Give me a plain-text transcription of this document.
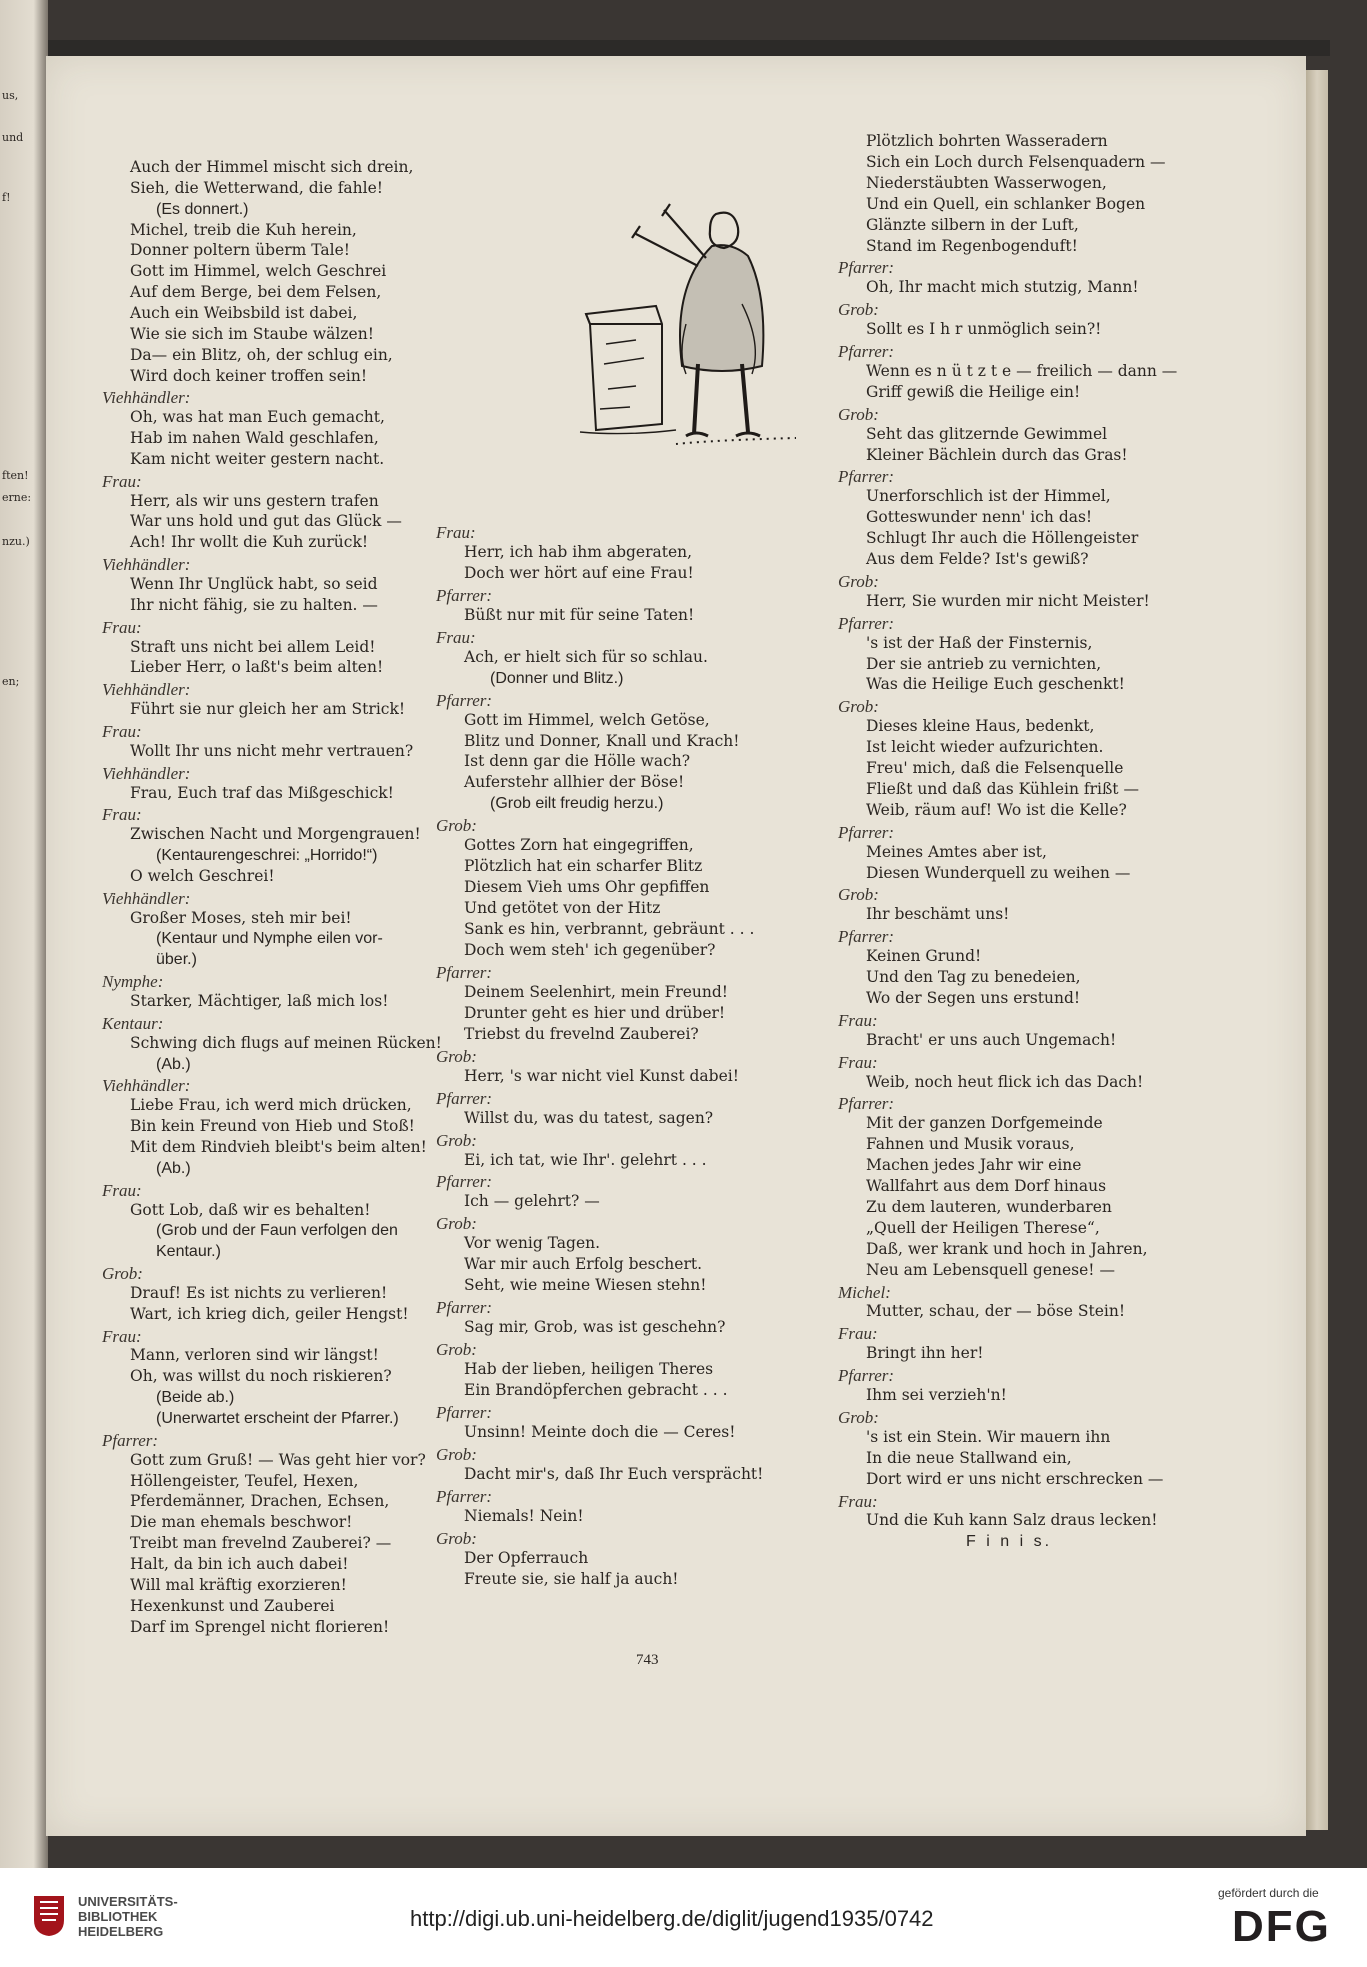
us,
und
f!
ften!
erne:
nzu.)
en;
Auch der Himmel mischt sich drein,
Sieh, die Wetterwand, die fahle!
(Es donnert.)
Michel, treib die Kuh herein,
Donner poltern überm Tale!
Gott im Himmel, welch Geschrei
Auf dem Berge, bei dem Felsen,
Auch ein Weibsbild ist dabei,
Wie sie sich im Staube wälzen!
Da— ein Blitz, oh, der schlug ein,
Wird doch keiner troffen sein!
Viehhändler:
Oh, was hat man Euch gemacht,
Hab im nahen Wald geschlafen,
Kam nicht weiter gestern nacht.
Frau:
Herr, als wir uns gestern trafen
War uns hold und gut das Glück —
Ach! Ihr wollt die Kuh zurück!
Viehhändler:
Wenn Ihr Unglück habt, so seid
Ihr nicht fähig, sie zu halten. —
Frau:
Straft uns nicht bei allem Leid!
Lieber Herr, o laßt's beim alten!
Viehhändler:
Führt sie nur gleich her am Strick!
Frau:
Wollt Ihr uns nicht mehr vertrauen?
Viehhändler:
Frau, Euch traf das Mißgeschick!
Frau:
Zwischen Nacht und Morgengrauen!
(Kentaurengeschrei: „Horrido!“)
O welch Geschrei!
Viehhändler:
Großer Moses, steh mir bei!
(Kentaur und Nymphe eilen vor-
über.)
Nymphe:
Starker, Mächtiger, laß mich los!
Kentaur:
Schwing dich flugs auf meinen Rücken!
(Ab.)
Viehhändler:
Liebe Frau, ich werd mich drücken,
Bin kein Freund von Hieb und Stoß!
Mit dem Rindvieh bleibt's beim alten!
(Ab.)
Frau:
Gott Lob, daß wir es behalten!
(Grob und der Faun verfolgen den
Kentaur.)
Grob:
Drauf! Es ist nichts zu verlieren!
Wart, ich krieg dich, geiler Hengst!
Frau:
Mann, verloren sind wir längst!
Oh, was willst du noch riskieren?
(Beide ab.)
(Unerwartet erscheint der Pfarrer.)
Pfarrer:
Gott zum Gruß! — Was geht hier vor?
Höllengeister, Teufel, Hexen,
Pferdemänner, Drachen, Echsen,
Die man ehemals beschwor!
Treibt man frevelnd Zauberei? —
Halt, da bin ich auch dabei!
Will mal kräftig exorzieren!
Hexenkunst und Zauberei
Darf im Sprengel nicht florieren!
Frau:
Herr, ich hab ihm abgeraten,
Doch wer hört auf eine Frau!
Pfarrer:
Büßt nur mit für seine Taten!
Frau:
Ach, er hielt sich für so schlau.
(Donner und Blitz.)
Pfarrer:
Gott im Himmel, welch Getöse,
Blitz und Donner, Knall und Krach!
Ist denn gar die Hölle wach?
Auferstehr allhier der Böse!
(Grob eilt freudig herzu.)
Grob:
Gottes Zorn hat eingegriffen,
Plötzlich hat ein scharfer Blitz
Diesem Vieh ums Ohr gepfiffen
Und getötet von der Hitz
Sank es hin, verbrannt, gebräunt . . .
Doch wem steh' ich gegenüber?
Pfarrer:
Deinem Seelenhirt, mein Freund!
Drunter geht es hier und drüber!
Triebst du frevelnd Zauberei?
Grob:
Herr, 's war nicht viel Kunst dabei!
Pfarrer:
Willst du, was du tatest, sagen?
Grob:
Ei, ich tat, wie Ihr'. gelehrt . . .
Pfarrer:
Ich — gelehrt? —
Grob:
Vor wenig Tagen.
War mir auch Erfolg beschert.
Seht, wie meine Wiesen stehn!
Pfarrer:
Sag mir, Grob, was ist geschehn?
Grob:
Hab der lieben, heiligen Theres
Ein Brandöpferchen gebracht . . .
Pfarrer:
Unsinn! Meinte doch die — Ceres!
Grob:
Dacht mir's, daß Ihr Euch versprächt!
Pfarrer:
Niemals! Nein!
Grob:
Der Opferrauch
Freute sie, sie half ja auch!
Plötzlich bohrten Wasseradern
Sich ein Loch durch Felsenquadern —
Niederstäubten Wasserwogen,
Und ein Quell, ein schlanker Bogen
Glänzte silbern in der Luft,
Stand im Regenbogenduft!
Pfarrer:
Oh, Ihr macht mich stutzig, Mann!
Grob:
Sollt es I h r unmöglich sein?!
Pfarrer:
Wenn es n ü t z t e — freilich — dann —
Griff gewiß die Heilige ein!
Grob:
Seht das glitzernde Gewimmel
Kleiner Bächlein durch das Gras!
Pfarrer:
Unerforschlich ist der Himmel,
Gotteswunder nenn' ich das!
Schlugt Ihr auch die Höllengeister
Aus dem Felde? Ist's gewiß?
Grob:
Herr, Sie wurden mir nicht Meister!
Pfarrer:
's ist der Haß der Finsternis,
Der sie antrieb zu vernichten,
Was die Heilige Euch geschenkt!
Grob:
Dieses kleine Haus, bedenkt,
Ist leicht wieder aufzurichten.
Freu' mich, daß die Felsenquelle
Fließt und daß das Kühlein frißt —
Weib, räum auf! Wo ist die Kelle?
Pfarrer:
Meines Amtes aber ist,
Diesen Wunderquell zu weihen —
Grob:
Ihr beschämt uns!
Pfarrer:
Keinen Grund!
Und den Tag zu benedeien,
Wo der Segen uns erstund!
Frau:
Bracht' er uns auch Ungemach!
Frau:
Weib, noch heut flick ich das Dach!
Pfarrer:
Mit der ganzen Dorfgemeinde
Fahnen und Musik voraus,
Machen jedes Jahr wir eine
Wallfahrt aus dem Dorf hinaus
Zu dem lauteren, wunderbaren
„Quell der Heiligen Therese“,
Daß, wer krank und hoch in Jahren,
Neu am Lebensquell genese! —
Michel:
Mutter, schau, der — böse Stein!
Frau:
Bringt ihn her!
Pfarrer:
Ihm sei verzieh'n!
Grob:
's ist ein Stein. Wir mauern ihn
In die neue Stallwand ein,
Dort wird er uns nicht erschrecken —
Frau:
Und die Kuh kann Salz draus lecken!
F i n i s.
743
UNIVERSITÄTS-
BIBLIOTHEK
HEIDELBERG
http://digi.ub.uni-heidelberg.de/diglit/jugend1935/0742
gefördert durch die
DFG
